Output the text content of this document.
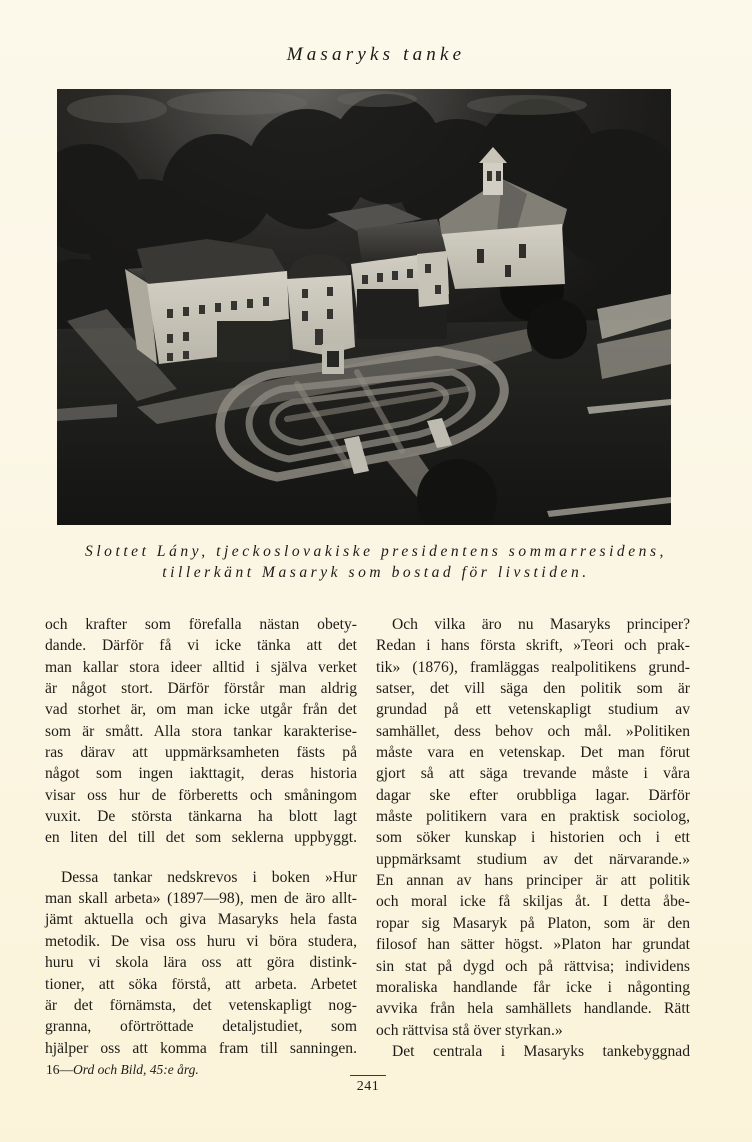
Masaryks tanke
Slottet Lány, tjeckoslovakiske presidentens sommarresidens,
tillerkänt Masaryk som bostad för livstiden.
och krafter som förefalla nästan obety-
dande. Därför få vi icke tänka att det
man kallar stora ideer alltid i själva verket
är något stort. Därför förstår man aldrig
vad storhet är, om man icke utgår från det
som är smått. Alla stora tankar karakterise-
ras därav att uppmärksamheten fästs på
något som ingen iakttagit, deras historia
visar oss hur de förberetts och småningom
vuxit. De största tänkarna ha blott lagt
en liten del till det som seklerna uppbyggt.
Dessa tankar nedskrevos i boken »Hur
man skall arbeta» (1897—98), men de äro allt-
jämt aktuella och giva Masaryks hela fasta
metodik. De visa oss huru vi böra studera,
huru vi skola lära oss att göra distink-
tioner, att söka förstå, att arbeta. Arbetet
är det förnämsta, det vetenskapligt nog-
granna, oförtröttade detaljstudiet, som
hjälper oss att komma fram till sanningen.
Och vilka äro nu Masaryks principer?
Redan i hans första skrift, »Teori och prak-
tik» (1876), framläggas realpolitikens grund-
satser, det vill säga den politik som är
grundad på ett vetenskapligt studium av
samhället, dess behov och mål. »Politiken
måste vara en vetenskap. Det man förut
gjort så att säga trevande måste i våra
dagar ske efter orubbliga lagar. Därför
måste politikern vara en praktisk sociolog,
som söker kunskap i historien och i ett
uppmärksamt studium av det närvarande.»
En annan av hans principer är att politik
och moral icke få skiljas åt. I detta åbe-
ropar sig Masaryk på Platon, som är den
filosof han sätter högst. »Platon har grundat
sin stat på dygd och på rättvisa; individens
moraliska handlande får icke i någonting
avvika från hela samhällets handlande. Rätt
och rättvisa stå över styrkan.»
Det centrala i Masaryks tankebyggnad
16—Ord och Bild, 45:e årg.
241
